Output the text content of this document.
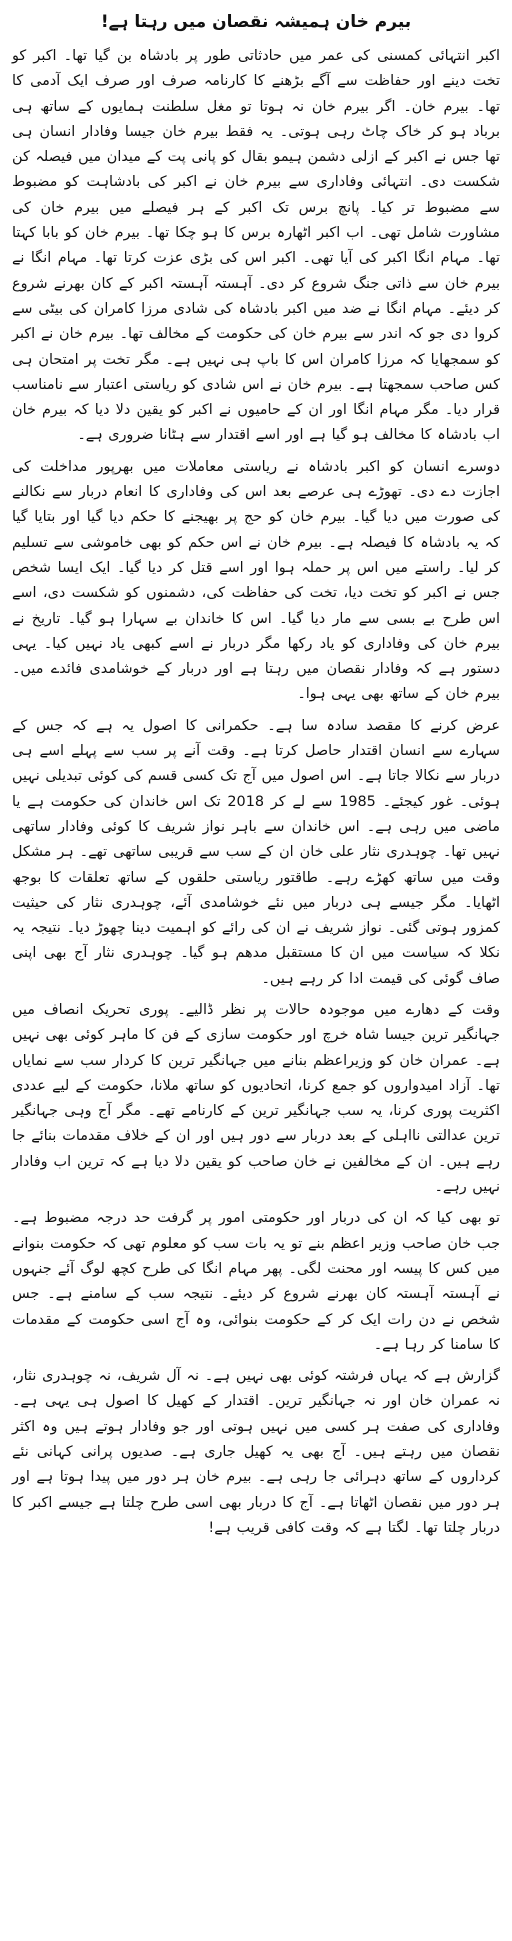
بیرم خان ہمیشہ نقصان میں رہتا ہے!

اکبر انتہائی کمسنی کی عمر میں حادثاتی طور پر بادشاہ بن گیا تھا۔ اکبر کو تخت دینے اور حفاظت سے آگے بڑھنے کا کارنامہ صرف اور صرف ایک آدمی کا تھا۔ بیرم خان۔ اگر بیرم خان نہ ہوتا تو مغل سلطنت ہمایوں کے ساتھ ہی برباد ہو کر خاک چاٹ رہی ہوتی۔ یہ فقط بیرم خان جیسا وفادار انسان ہی تھا جس نے اکبر کے ازلی دشمن ہیمو بقال کو پانی پت کے میدان میں فیصلہ کن شکست دی۔ انتہائی وفاداری سے بیرم خان نے اکبر کی بادشاہت کو مضبوط سے مضبوط تر کیا۔ پانچ برس تک اکبر کے ہر فیصلے میں بیرم خان کی مشاورت شامل تھی۔ اب اکبر اٹھارہ برس کا ہو چکا تھا۔ بیرم خان کو بابا کہتا تھا۔ مہام انگا اکبر کی آیا تھی۔ اکبر اس کی بڑی عزت کرتا تھا۔ مہام انگا نے بیرم خان سے ذاتی جنگ شروع کر دی۔ آہستہ آہستہ اکبر کے کان بھرنے شروع کر دیئے۔ مہام انگا نے ضد میں اکبر بادشاہ کی شادی مرزا کامران کی بیٹی سے کروا دی جو کہ اندر سے بیرم خان کی حکومت کے مخالف تھا۔ بیرم خان نے اکبر کو سمجھایا کہ مرزا کامران اس کا باپ ہی نہیں ہے۔ مگر تخت پر امتحان ہی کس صاحب سمجھتا ہے۔ بیرم خان نے اس شادی کو ریاستی اعتبار سے نامناسب قرار دیا۔ مگر مہام انگا اور ان کے حامیوں نے اکبر کو یقین دلا دیا کہ بیرم خان اب بادشاہ کا مخالف ہو گیا ہے اور اسے اقتدار سے ہٹانا ضروری ہے۔

دوسرے انسان کو اکبر بادشاہ نے ریاستی معاملات میں بھرپور مداخلت کی اجازت دے دی۔ تھوڑے ہی عرصے بعد اس کی وفاداری کا انعام دربار سے نکالنے کی صورت میں دیا گیا۔ بیرم خان کو حج پر بھیجنے کا حکم دیا گیا اور بتایا گیا کہ یہ بادشاہ کا فیصلہ ہے۔ بیرم خان نے اس حکم کو بھی خاموشی سے تسلیم کر لیا۔ راستے میں اس پر حملہ ہوا اور اسے قتل کر دیا گیا۔ ایک ایسا شخص جس نے اکبر کو تخت دیا، تخت کی حفاظت کی، دشمنوں کو شکست دی، اسے اس طرح بے بسی سے مار دیا گیا۔ اس کا خاندان بے سہارا ہو گیا۔ تاریخ نے بیرم خان کی وفاداری کو یاد رکھا مگر دربار نے اسے کبھی یاد نہیں کیا۔ یہی دستور ہے کہ وفادار نقصان میں رہتا ہے اور دربار کے خوشامدی فائدے میں۔ بیرم خان کے ساتھ بھی یہی ہوا۔

عرض کرنے کا مقصد سادہ سا ہے۔ حکمرانی کا اصول یہ ہے کہ جس کے سہارے سے انسان اقتدار حاصل کرتا ہے۔ وقت آنے پر سب سے پہلے اسے ہی دربار سے نکالا جاتا ہے۔ اس اصول میں آج تک کسی قسم کی کوئی تبدیلی نہیں ہوئی۔ غور کیجئے۔ 1985 سے لے کر 2018 تک اس خاندان کی حکومت ہے یا ماضی میں رہی ہے۔ اس خاندان سے باہر نواز شریف کا کوئی وفادار ساتھی نہیں تھا۔ چوہدری نثار علی خان ان کے سب سے قریبی ساتھی تھے۔ ہر مشکل وقت میں ساتھ کھڑے رہے۔ طاقتور ریاستی حلقوں کے ساتھ تعلقات کا بوجھ اٹھایا۔ مگر جیسے ہی دربار میں نئے خوشامدی آئے، چوہدری نثار کی حیثیت کمزور ہوتی گئی۔ نواز شریف نے ان کی رائے کو اہمیت دینا چھوڑ دیا۔ نتیجہ یہ نکلا کہ سیاست میں ان کا مستقبل مدھم ہو گیا۔ چوہدری نثار آج بھی اپنی صاف گوئی کی قیمت ادا کر رہے ہیں۔

وقت کے دھارے میں موجودہ حالات پر نظر ڈالیے۔ پوری تحریک انصاف میں جہانگیر ترین جیسا شاہ خرچ اور حکومت سازی کے فن کا ماہر کوئی بھی نہیں ہے۔ عمران خان کو وزیراعظم بنانے میں جہانگیر ترین کا کردار سب سے نمایاں تھا۔ آزاد امیدواروں کو جمع کرنا، اتحادیوں کو ساتھ ملانا، حکومت کے لیے عددی اکثریت پوری کرنا، یہ سب جہانگیر ترین کے کارنامے تھے۔ مگر آج وہی جہانگیر ترین عدالتی نااہلی کے بعد دربار سے دور ہیں اور ان کے خلاف مقدمات بنائے جا رہے ہیں۔ ان کے مخالفین نے خان صاحب کو یقین دلا دیا ہے کہ ترین اب وفادار نہیں رہے۔

تو بھی کیا کہ ان کی دربار اور حکومتی امور پر گرفت حد درجہ مضبوط ہے۔ جب خان صاحب وزیر اعظم بنے تو یہ بات سب کو معلوم تھی کہ حکومت بنوانے میں کس کا پیسہ اور محنت لگی۔ پھر مہام انگا کی طرح کچھ لوگ آئے جنہوں نے آہستہ آہستہ کان بھرنے شروع کر دیئے۔ نتیجہ سب کے سامنے ہے۔ جس شخص نے دن رات ایک کر کے حکومت بنوائی، وہ آج اسی حکومت کے مقدمات کا سامنا کر رہا ہے۔

گزارش ہے کہ یہاں فرشتہ کوئی بھی نہیں ہے۔ نہ آل شریف، نہ چوہدری نثار، نہ عمران خان اور نہ جہانگیر ترین۔ اقتدار کے کھیل کا اصول ہی یہی ہے۔ وفاداری کی صفت ہر کسی میں نہیں ہوتی اور جو وفادار ہوتے ہیں وہ اکثر نقصان میں رہتے ہیں۔ آج بھی یہ کھیل جاری ہے۔ صدیوں پرانی کہانی نئے کرداروں کے ساتھ دہرائی جا رہی ہے۔ بیرم خان ہر دور میں پیدا ہوتا ہے اور ہر دور میں نقصان اٹھاتا ہے۔ آج کا دربار بھی اسی طرح چلتا ہے جیسے اکبر کا دربار چلتا تھا۔ لگتا ہے کہ وقت کافی قریب ہے!
